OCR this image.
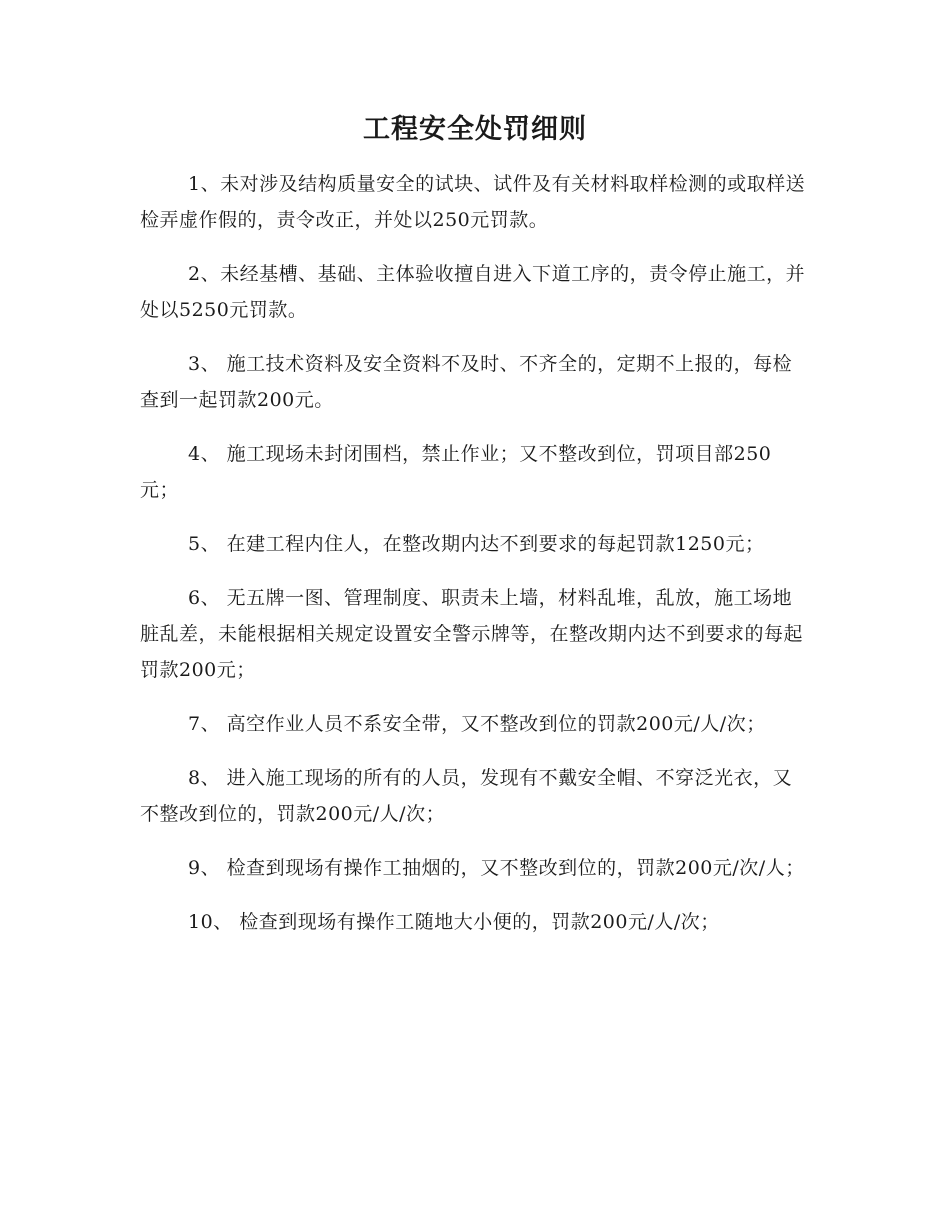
工程安全处罚细则

1、未对涉及结构质量安全的试块、试件及有关材料取样检测的或取样送检弄虚作假的，责令改正，并处以250元罚款。

2、未经基槽、基础、主体验收擅自进入下道工序的，责令停止施工，并处以5250元罚款。

3、 施工技术资料及安全资料不及时、不齐全的，定期不上报的，每检查到一起罚款200元。

4、 施工现场未封闭围档，禁止作业；又不整改到位，罚项目部250元；

5、 在建工程内住人，在整改期内达不到要求的每起罚款1250元；

6、 无五牌一图、管理制度、职责未上墙，材料乱堆，乱放，施工场地脏乱差，未能根据相关规定设置安全警示牌等，在整改期内达不到要求的每起罚款200元；

7、 高空作业人员不系安全带，又不整改到位的罚款200元/人/次；

8、 进入施工现场的所有的人员，发现有不戴安全帽、不穿泛光衣，又不整改到位的，罚款200元/人/次；

9、 检查到现场有操作工抽烟的，又不整改到位的，罚款200元/次/人；

10、 检查到现场有操作工随地大小便的，罚款200元/人/次；
